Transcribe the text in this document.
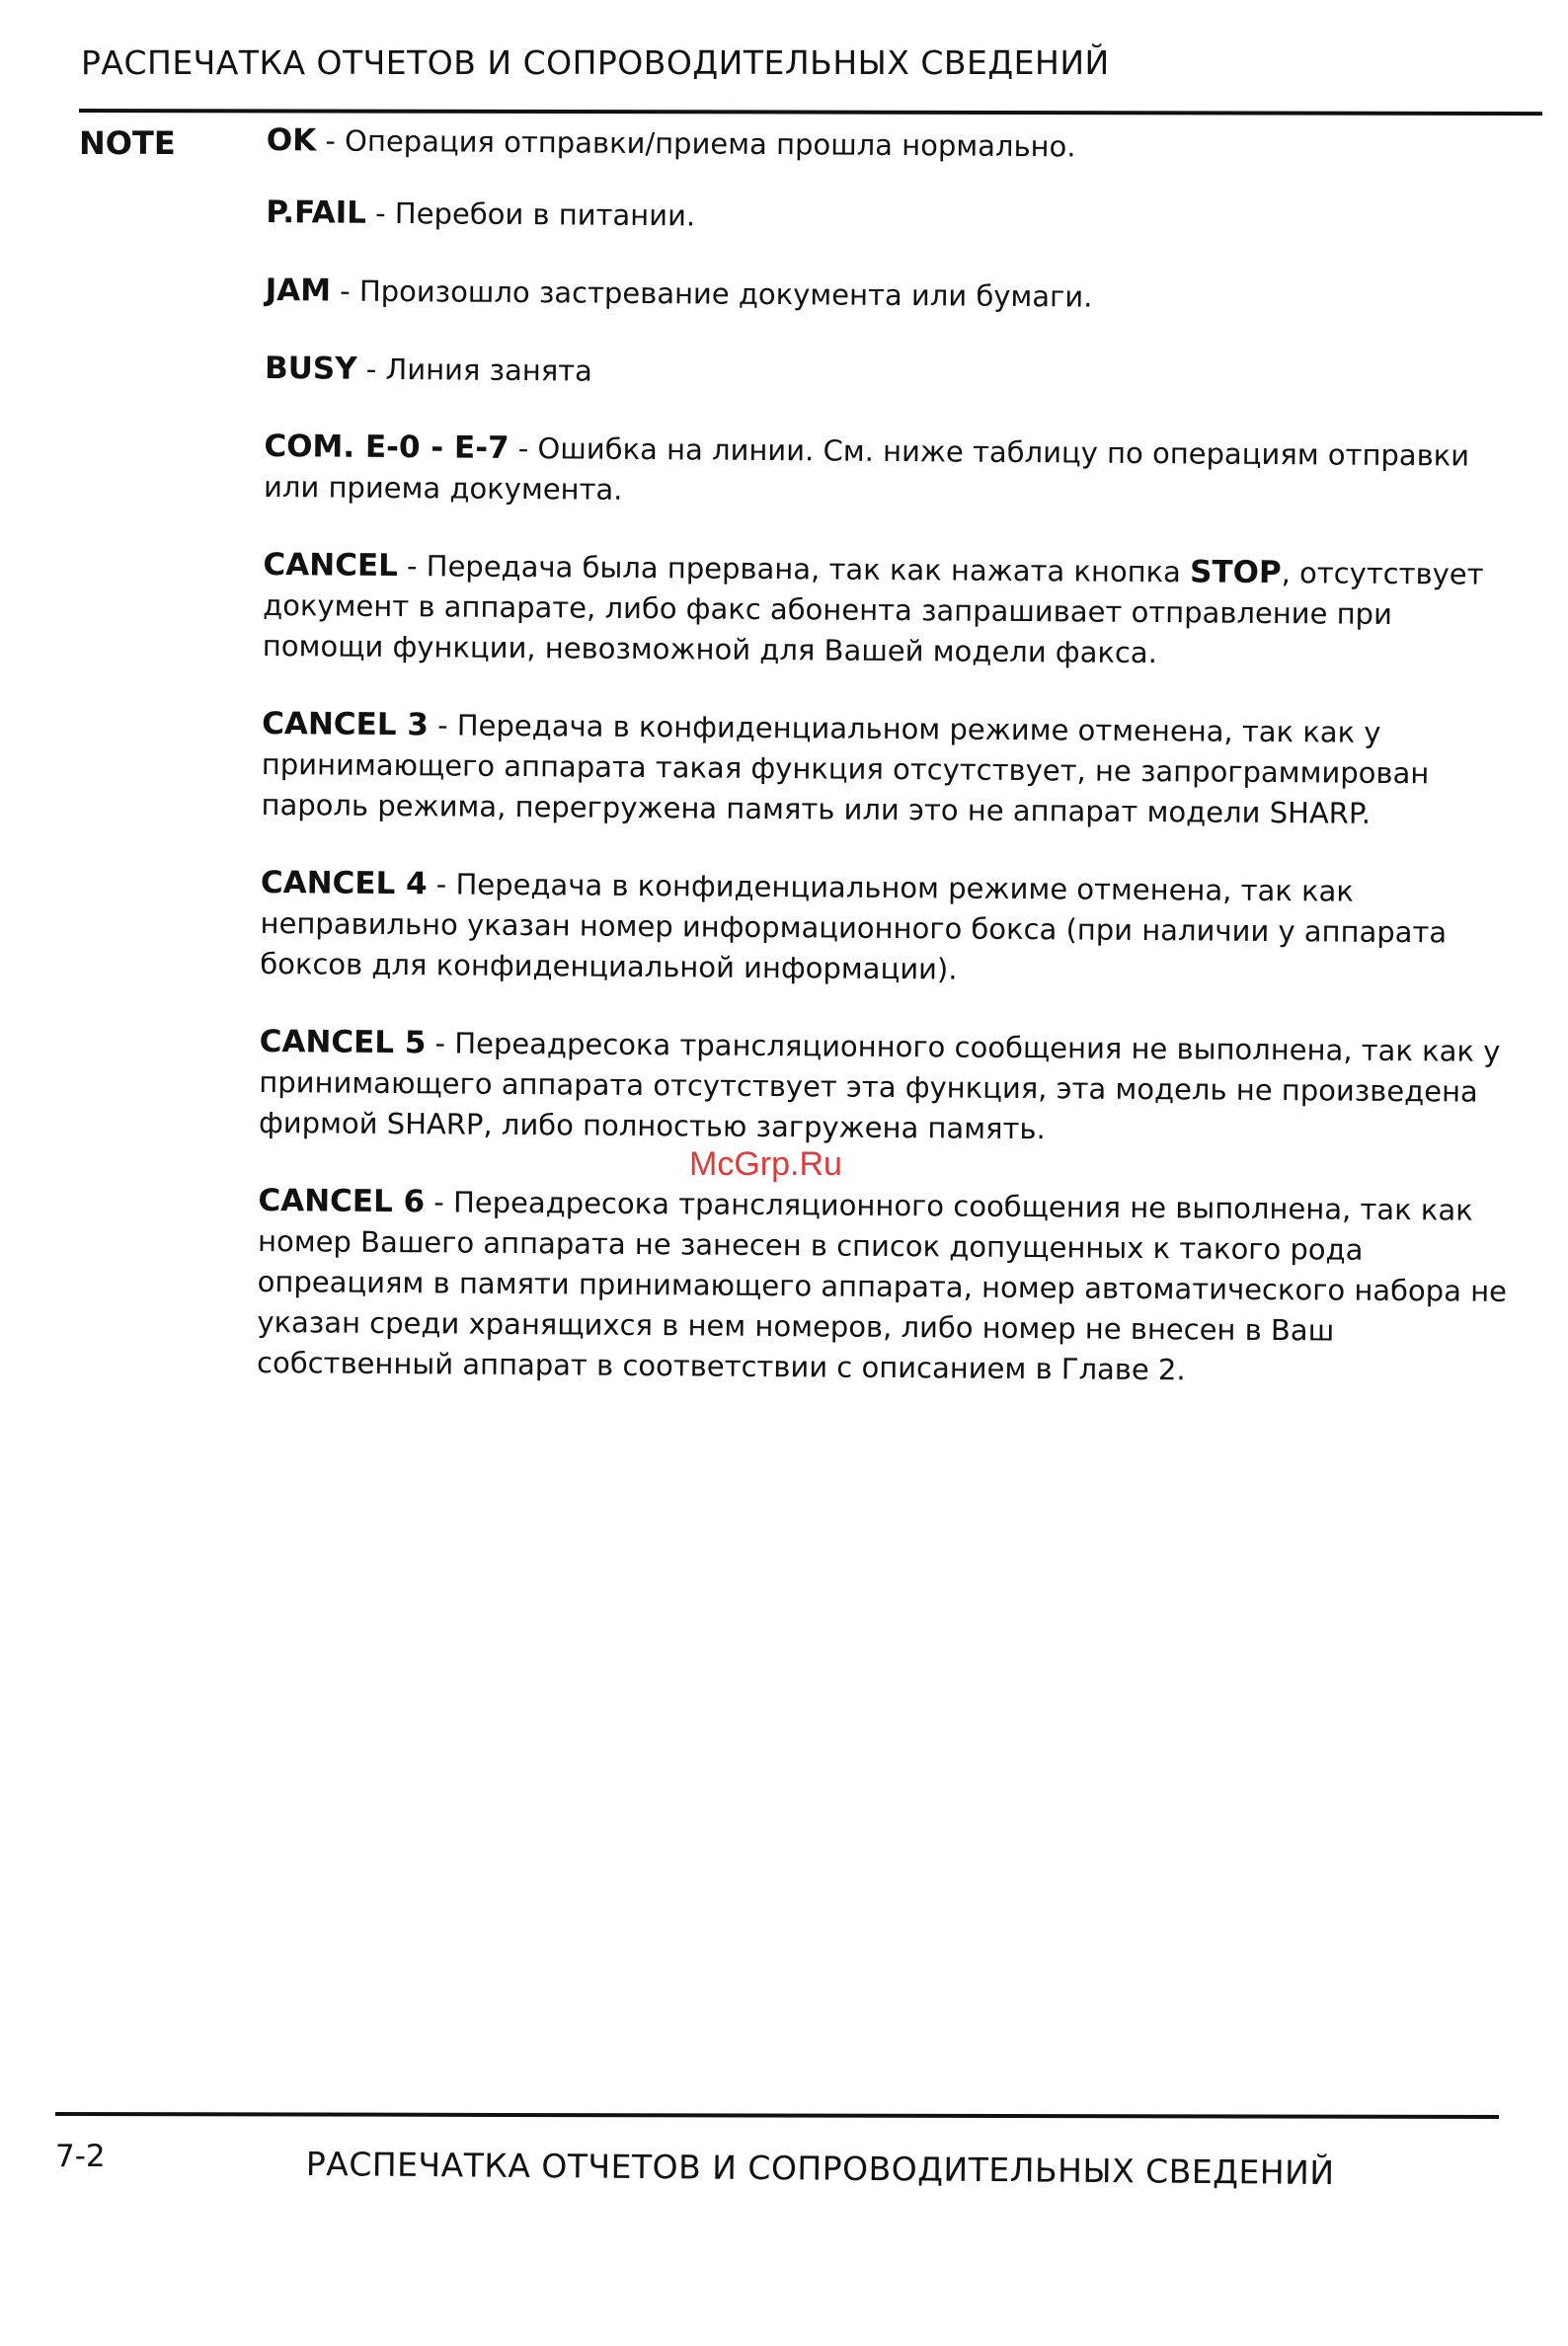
РАСПЕЧАТКА ОТЧЕТОВ И СОПРОВОДИТЕЛЬНЫХ СВЕДЕНИЙ
NOTE	OK - Операция отправки/приема прошла нормально.
P.FAIL - Перебои в питании.
JAM - Произошло застревание документа или бумаги.
BUSY - Линия занята
COM. E-0 - E-7 - Ошибка на линии. См. ниже таблицу по операциям отправки или приема документа.
CANCEL - Передача была прервана, так как нажата кнопка STOP, отсутствует документ в аппарате, либо факс абонента запрашивает отправление при помощи функции, невозможной для Вашей модели факса.
CANCEL 3 - Передача в конфиденциальном режиме отменена, так как у принимающего аппарата такая функция отсутствует, не запрограммирован пароль режима, перегружена память или это не аппарат модели SHARP.
CANCEL 4 - Передача в конфиденциальном режиме отменена, так как неправильно указан номер информационного бокса (при наличии у аппарата боксов для конфиденциальной информации).
CANCEL 5 - Переадресока трансляционного сообщения не выполнена, так как у принимающего аппарата отсутствует эта функция, эта модель не произведена фирмой SHARP, либо полностью загружена память.
CANCEL 6 - Переадресока трансляционного сообщения не выполнена, так как номер Вашего аппарата не занесен в список допущенных к такого рода опреациям в памяти принимающего аппарата, номер автоматического набора не указан среди хранящихся в нем номеров, либо номер не внесен в Ваш собственный аппарат в соответствии с описанием в Главе 2.
McGrp.Ru
7-2	РАСПЕЧАТКА ОТЧЕТОВ И СОПРОВОДИТЕЛЬНЫХ СВЕДЕНИЙ
